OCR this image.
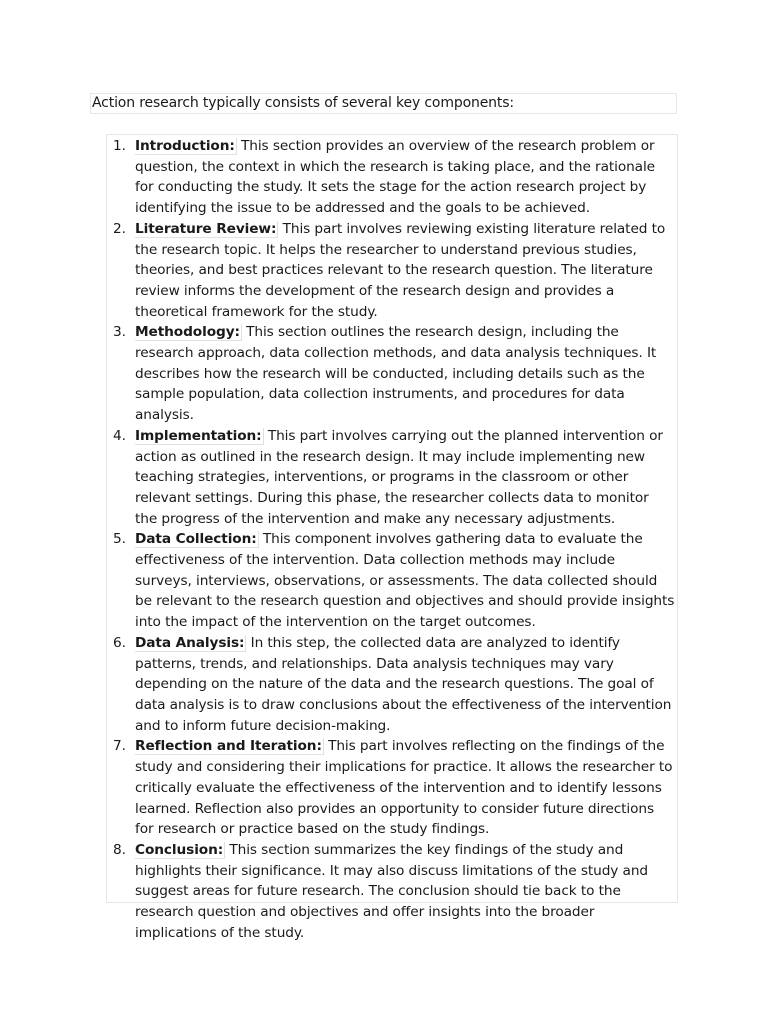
Action research typically consists of several key components:
1. Introduction: This section provides an overview of the research problem or question, the context in which the research is taking place, and the rationale for conducting the study. It sets the stage for the action research project by identifying the issue to be addressed and the goals to be achieved.
2. Literature Review: This part involves reviewing existing literature related to the research topic. It helps the researcher to understand previous studies, theories, and best practices relevant to the research question. The literature review informs the development of the research design and provides a theoretical framework for the study.
3. Methodology: This section outlines the research design, including the research approach, data collection methods, and data analysis techniques. It describes how the research will be conducted, including details such as the sample population, data collection instruments, and procedures for data analysis.
4. Implementation: This part involves carrying out the planned intervention or action as outlined in the research design. It may include implementing new teaching strategies, interventions, or programs in the classroom or other relevant settings. During this phase, the researcher collects data to monitor the progress of the intervention and make any necessary adjustments.
5. Data Collection: This component involves gathering data to evaluate the effectiveness of the intervention. Data collection methods may include surveys, interviews, observations, or assessments. The data collected should be relevant to the research question and objectives and should provide insights into the impact of the intervention on the target outcomes.
6. Data Analysis: In this step, the collected data are analyzed to identify patterns, trends, and relationships. Data analysis techniques may vary depending on the nature of the data and the research questions. The goal of data analysis is to draw conclusions about the effectiveness of the intervention and to inform future decision-making.
7. Reflection and Iteration: This part involves reflecting on the findings of the study and considering their implications for practice. It allows the researcher to critically evaluate the effectiveness of the intervention and to identify lessons learned. Reflection also provides an opportunity to consider future directions for research or practice based on the study findings.
8. Conclusion: This section summarizes the key findings of the study and highlights their significance. It may also discuss limitations of the study and suggest areas for future research. The conclusion should tie back to the research question and objectives and offer insights into the broader implications of the study.
